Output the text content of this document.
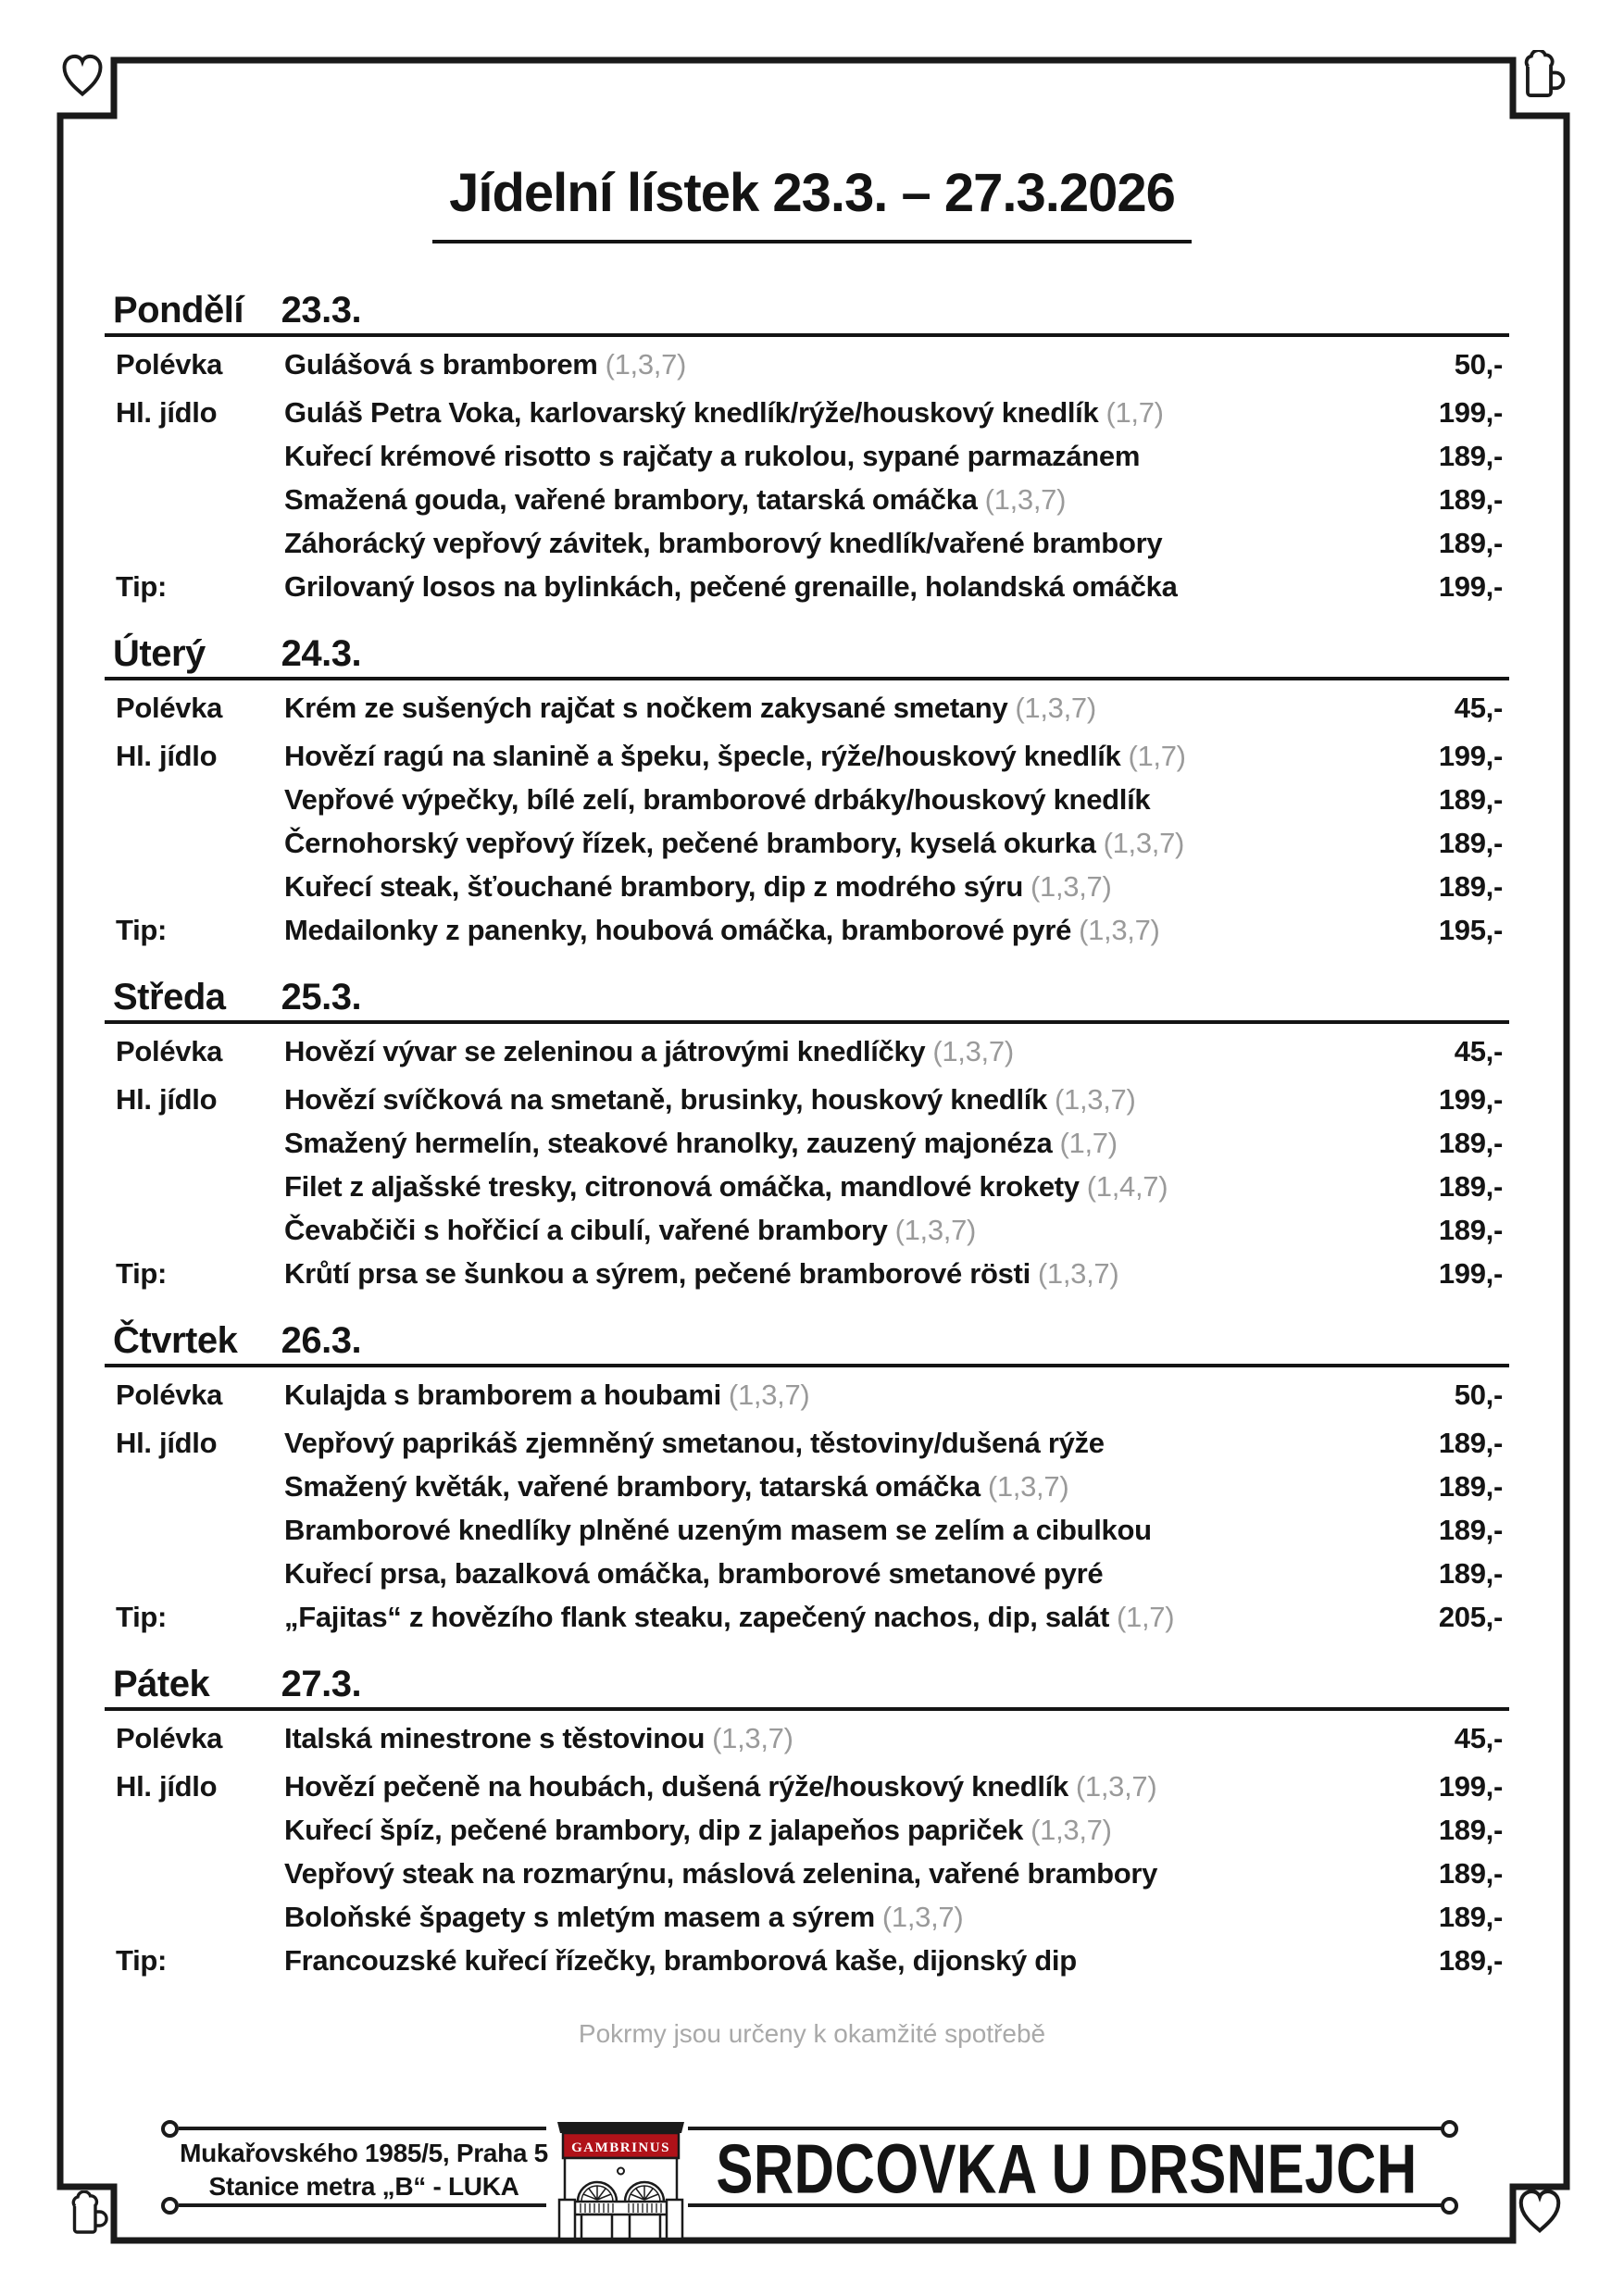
Jídelní lístek 23.3. – 27.3.2026
Pondělí 23.3.
Polévka	Gulášová s bramborem (1,3,7)	50,-
Hl. jídlo	Guláš Petra Voka, karlovarský knedlík/rýže/houskový knedlík (1,7)	199,-
Kuřecí krémové risotto s rajčaty a rukolou, sypané parmazánem	189,-
Smažená gouda, vařené brambory, tatarská omáčka (1,3,7)	189,-
Záhorácký vepřový závitek, bramborový knedlík/vařené brambory	189,-
Tip:	Grilovaný losos na bylinkách, pečené grenaille, holandská omáčka	199,-
Úterý 24.3.
Polévka	Krém ze sušených rajčat s nočkem zakysané smetany (1,3,7)	45,-
Hl. jídlo	Hovězí ragú na slanině a špeku, špecle, rýže/houskový knedlík (1,7)	199,-
Vepřové výpečky, bílé zelí, bramborové drbáky/houskový knedlík	189,-
Černohorský vepřový řízek, pečené brambory, kyselá okurka (1,3,7)	189,-
Kuřecí steak, šťouchané brambory, dip z modrého sýru (1,3,7)	189,-
Tip:	Medailonky z panenky, houbová omáčka, bramborové pyré (1,3,7)	195,-
Středa 25.3.
Polévka	Hovězí vývar se zeleninou a játrovými knedlíčky (1,3,7)	45,-
Hl. jídlo	Hovězí svíčková na smetaně, brusinky, houskový knedlík (1,3,7)	199,-
Smažený hermelín, steakové hranolky, zauzený majonéza (1,7)	189,-
Filet z aljašské tresky, citronová omáčka, mandlové krokety (1,4,7)	189,-
Čevabčiči s hořčicí a cibulí, vařené brambory (1,3,7)	189,-
Tip:	Krůtí prsa se šunkou a sýrem, pečené bramborové rösti (1,3,7)	199,-
Čtvrtek 26.3.
Polévka	Kulajda s bramborem a houbami (1,3,7)	50,-
Hl. jídlo	Vepřový paprikáš zjemněný smetanou, těstoviny/dušená rýže	189,-
Smažený květák, vařené brambory, tatarská omáčka (1,3,7)	189,-
Bramborové knedlíky plněné uzeným masem se zelím a cibulkou	189,-
Kuřecí prsa, bazalková omáčka, bramborové smetanové pyré	189,-
Tip:	„Fajitas“ z hovězího flank steaku, zapečený nachos, dip, salát (1,7)	205,-
Pátek 27.3.
Polévka	Italská minestrone s těstovinou (1,3,7)	45,-
Hl. jídlo	Hovězí pečeně na houbách, dušená rýže/houskový knedlík (1,3,7)	199,-
Kuřecí špíz, pečené brambory, dip z jalapeňos papriček (1,3,7)	189,-
Vepřový steak na rozmarýnu, máslová zelenina, vařené brambory	189,-
Boloňské špagety s mletým masem a sýrem (1,3,7)	189,-
Tip:	Francouzské kuřecí řízečky, bramborová kaše, dijonský dip	189,-
Pokrmy jsou určeny k okamžité spotřebě
Mukařovského 1985/5, Praha 5
Stanice metra „B“ - LUKA
GAMBRINUS SRDCOVKA U DRSNEJCH
